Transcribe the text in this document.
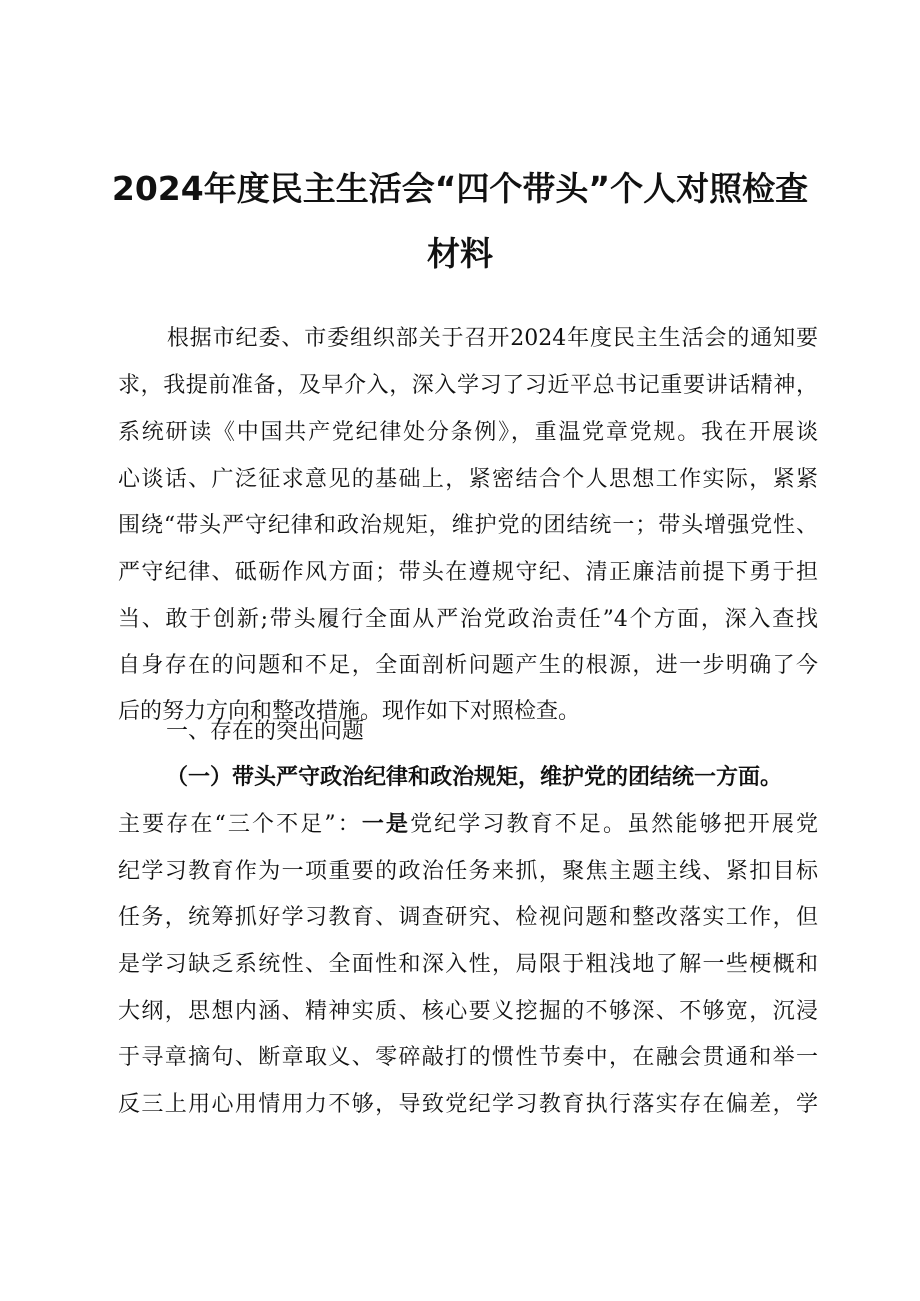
2024年度民主生活会“四个带头”个人对照检查
材料
根据市纪委、市委组织部关于召开2024年度民主生活会的通知要
求，我提前准备，及早介入，深入学习了习近平总书记重要讲话精神，
系统研读《中国共产党纪律处分条例》，重温党章党规。我在开展谈
心谈话、广泛征求意见的基础上，紧密结合个人思想工作实际，紧紧
围绕“带头严守纪律和政治规矩，维护党的团结统一；带头增强党性、
严守纪律、砥砺作风方面；带头在遵规守纪、清正廉洁前提下勇于担
当、敢于创新;带头履行全面从严治党政治责任”4个方面，深入查找
自身存在的问题和不足，全面剖析问题产生的根源，进一步明确了今
后的努力方向和整改措施。现作如下对照检查。
一、存在的突出问题
（一）带头严守政治纪律和政治规矩，维护党的团结统一方面。
主要存在“三个不足”：一是党纪学习教育不足。虽然能够把开展党
纪学习教育作为一项重要的政治任务来抓，聚焦主题主线、紧扣目标
任务，统筹抓好学习教育、调查研究、检视问题和整改落实工作，但
是学习缺乏系统性、全面性和深入性，局限于粗浅地了解一些梗概和
大纲，思想内涵、精神实质、核心要义挖掘的不够深、不够宽，沉浸
于寻章摘句、断章取义、零碎敲打的惯性节奏中，在融会贯通和举一
反三上用心用情用力不够，导致党纪学习教育执行落实存在偏差，学
